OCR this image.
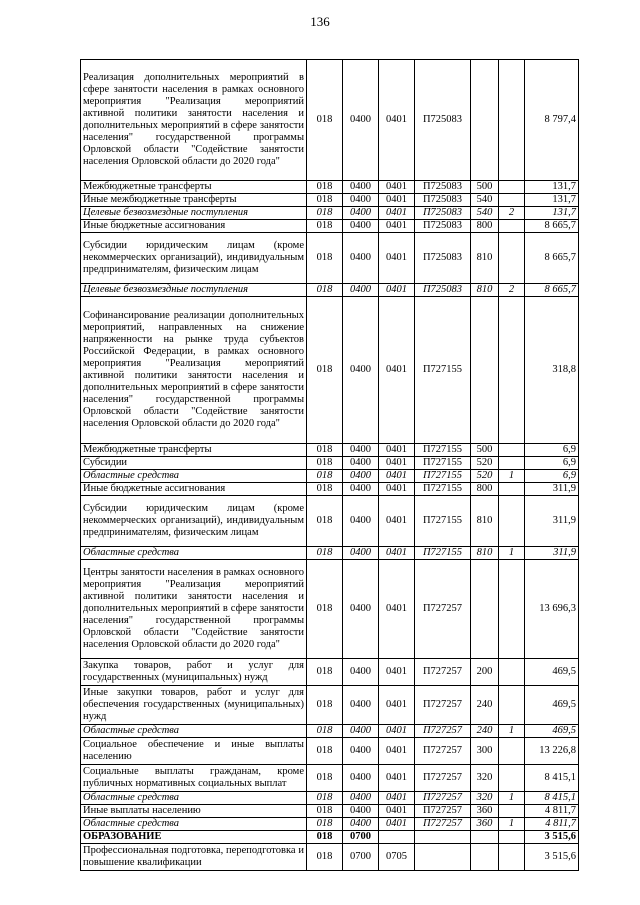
136
Реализация дополнительных мероприятий в сфере занятости населения в рамках основного мероприятия "Реализация мероприятий активной политики занятости населения и дополнительных мероприятий в сфере занятости населения" государственной программы Орловской области "Содействие занятости населения Орловской области до 2020 года"	018	0400	0401	П725083			8 797,4
Межбюджетные трансферты	018	0400	0401	П725083	500		131,7
Иные межбюджетные трансферты	018	0400	0401	П725083	540		131,7
Целевые безвозмездные поступления	018	0400	0401	П725083	540	2	131,7
Иные бюджетные ассигнования	018	0400	0401	П725083	800		8 665,7
Субсидии юридическим лицам (кроме некоммерческих организаций), индивидуальным предпринимателям, физическим лицам	018	0400	0401	П725083	810		8 665,7
Целевые безвозмездные поступления	018	0400	0401	П725083	810	2	8 665,7
Софинансирование реализации дополнительных мероприятий, направленных на снижение напряженности на рынке труда субъектов Российской Федерации, в рамках основного мероприятия "Реализация мероприятий активной политики занятости населения и дополнительных мероприятий в сфере занятости населения" государственной программы Орловской области "Содействие занятости населения Орловской области до 2020 года"	018	0400	0401	П727155			318,8
Межбюджетные трансферты	018	0400	0401	П727155	500		6,9
Субсидии	018	0400	0401	П727155	520		6,9
Областные средства	018	0400	0401	П727155	520	1	6,9
Иные бюджетные ассигнования	018	0400	0401	П727155	800		311,9
Субсидии юридическим лицам (кроме некоммерческих организаций), индивидуальным предпринимателям, физическим лицам	018	0400	0401	П727155	810		311,9
Областные средства	018	0400	0401	П727155	810	1	311,9
Центры занятости населения в рамках основного мероприятия "Реализация мероприятий активной политики занятости населения и дополнительных мероприятий в сфере занятости населения" государственной программы Орловской области "Содействие занятости населения Орловской области до 2020 года"	018	0400	0401	П727257			13 696,3
Закупка товаров, работ и услуг для государственных (муниципальных) нужд	018	0400	0401	П727257	200		469,5
Иные закупки товаров, работ и услуг для обеспечения государственных (муниципальных) нужд	018	0400	0401	П727257	240		469,5
Областные средства	018	0400	0401	П727257	240	1	469,5
Социальное обеспечение и иные выплаты населению	018	0400	0401	П727257	300		13 226,8
Социальные выплаты гражданам, кроме публичных нормативных социальных выплат	018	0400	0401	П727257	320		8 415,1
Областные средства	018	0400	0401	П727257	320	1	8 415,1
Иные выплаты населению	018	0400	0401	П727257	360		4 811,7
Областные средства	018	0400	0401	П727257	360	1	4 811,7
ОБРАЗОВАНИЕ	018	0700					3 515,6
Профессиональная подготовка, переподготовка и повышение квалификации	018	0700	0705				3 515,6
